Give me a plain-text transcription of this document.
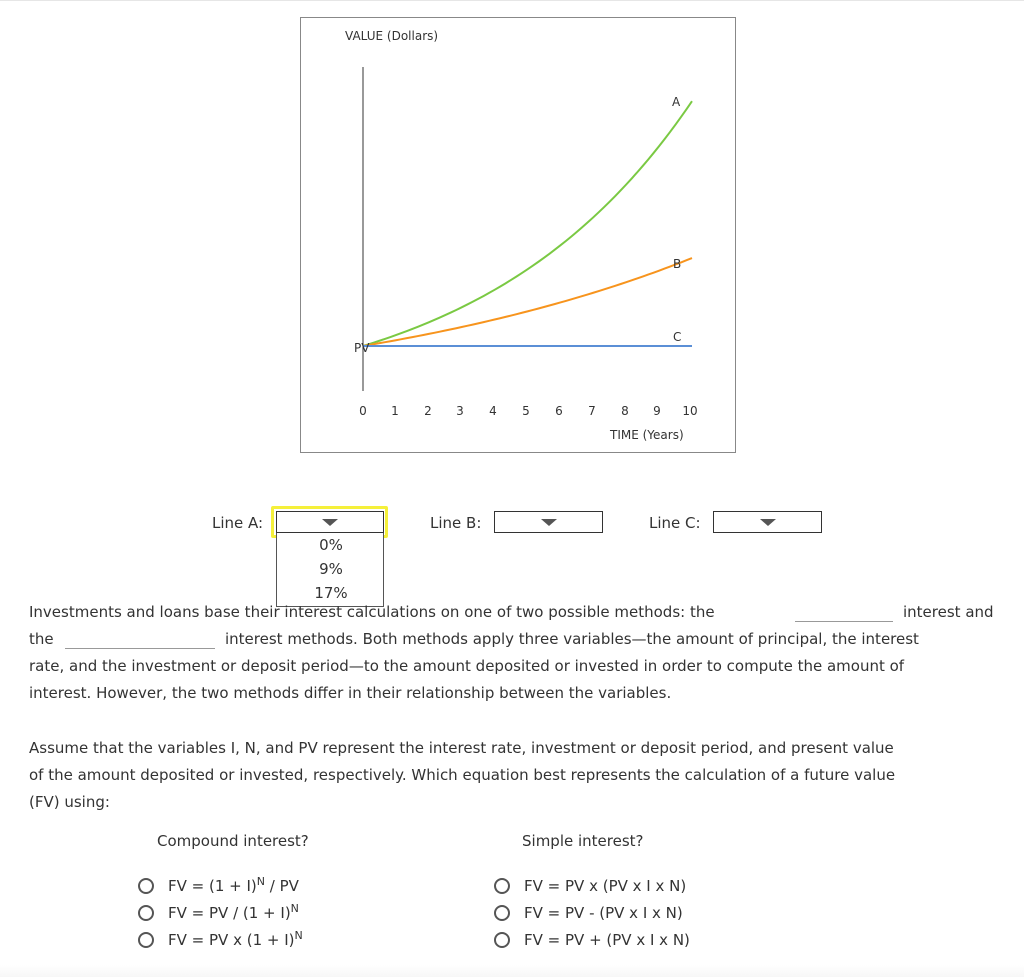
VALUE (Dollars)
PV
A
B
C
0 1 2 3 4 5 6 7 8 9 10
TIME (Years)
Line A:
0%
9%
17%
Line B:	Line C:
Investments and loans base their interest calculations on one of two possible methods: the	interest and
the	interest methods. Both methods apply three variables—the amount of principal, the interest
rate, and the investment or deposit period—to the amount deposited or invested in order to compute the amount of
interest. However, the two methods differ in their relationship between the variables.
Assume that the variables I, N, and PV represent the interest rate, investment or deposit period, and present value
of the amount deposited or invested, respectively. Which equation best represents the calculation of a future value
(FV) using:
Compound interest?
FV = $(1 + I)^N$ / PV
FV = PV / $(1 + I)^N$
FV = PV x $(1 + I)^N$
Simple interest?
FV = PV x (PV x I x N)
FV = PV - (PV x I x N)
FV = PV + (PV x I x N)
